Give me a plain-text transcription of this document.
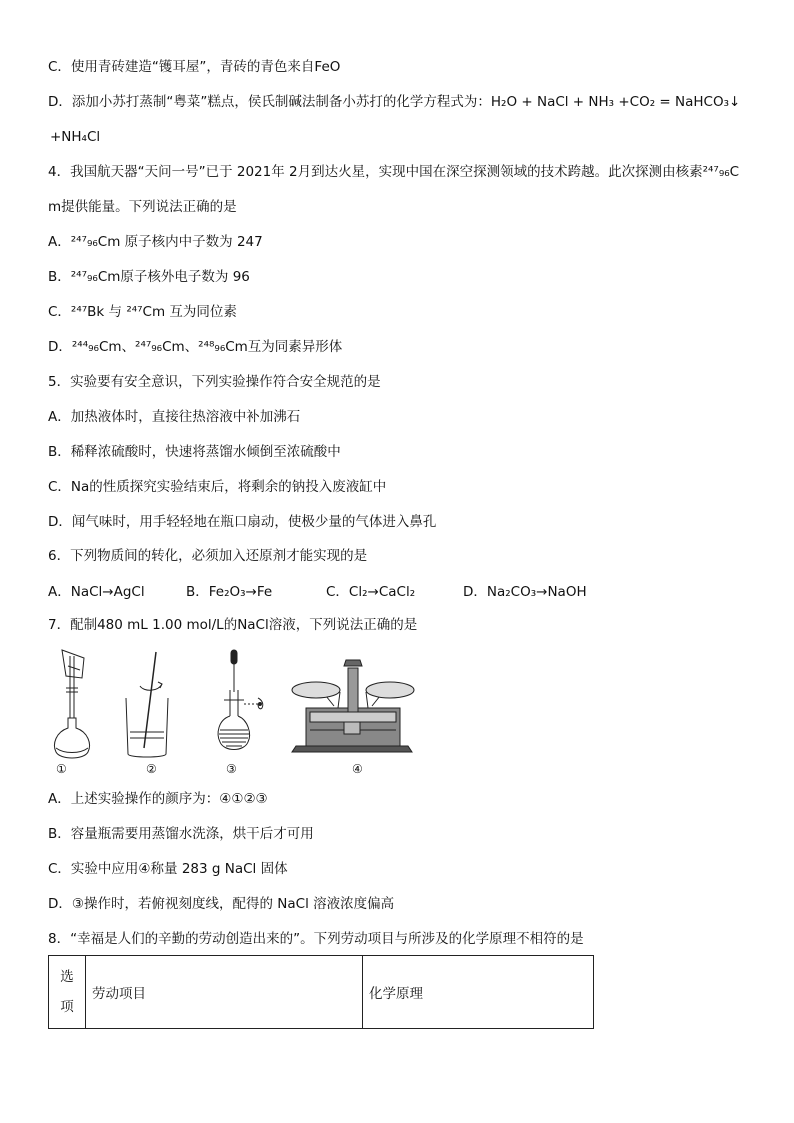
C．使用青砖建造“镬耳屋”，青砖的青色来自FeO
D．添加小苏打蒸制“粤菜”糕点，侯氏制碱法制备小苏打的化学方程式为：H₂O + NaCl + NH₃ +CO₂ = NaHCO₃↓
+NH₄Cl
4．我国航天器“天问一号”已于 2021年 2月到达火星，实现中国在深空探测领域的技术跨越。此次探测由核素²⁴⁷₉₆C
m提供能量。下列说法正确的是
A．²⁴⁷₉₆Cm 原子核内中子数为 247
B．²⁴⁷₉₆Cm原子核外电子数为 96
C．²⁴⁷Bk 与 ²⁴⁷Cm 互为同位素
D．²⁴⁴₉₆Cm、²⁴⁷₉₆Cm、²⁴⁸₉₆Cm互为同素异形体
5．实验要有安全意识，下列实验操作符合安全规范的是
A．加热液体时，直接往热溶液中补加沸石
B．稀释浓硫酸时，快速将蒸馏水倾倒至浓硫酸中
C．Na的性质探究实验结束后，将剩余的钠投入废液缸中
D．闻气味时，用手轻轻地在瓶口扇动，使极少量的气体进入鼻孔
6．下列物质间的转化，必须加入还原剂才能实现的是
A．NaCl→AgCl	B．Fe₂O₃→Fe	C．Cl₂→CaCl₂	D．Na₂CO₃→NaOH
7．配制480 mL 1.00 mol/L的NaCl溶液，下列说法正确的是
①	②	③	④
A．上述实验操作的颜序为：④①②③
B．容量瓶需要用蒸馏水洗涤，烘干后才可用
C．实验中应用④称量 283 g NaCl 固体
D．③操作时，若俯视刻度线，配得的 NaCl 溶液浓度偏高
8．“幸福是人们的辛勤的劳动创造出来的”。下列劳动项目与所涉及的化学原理不相符的是
选
项
	劳动项目	化学原理
